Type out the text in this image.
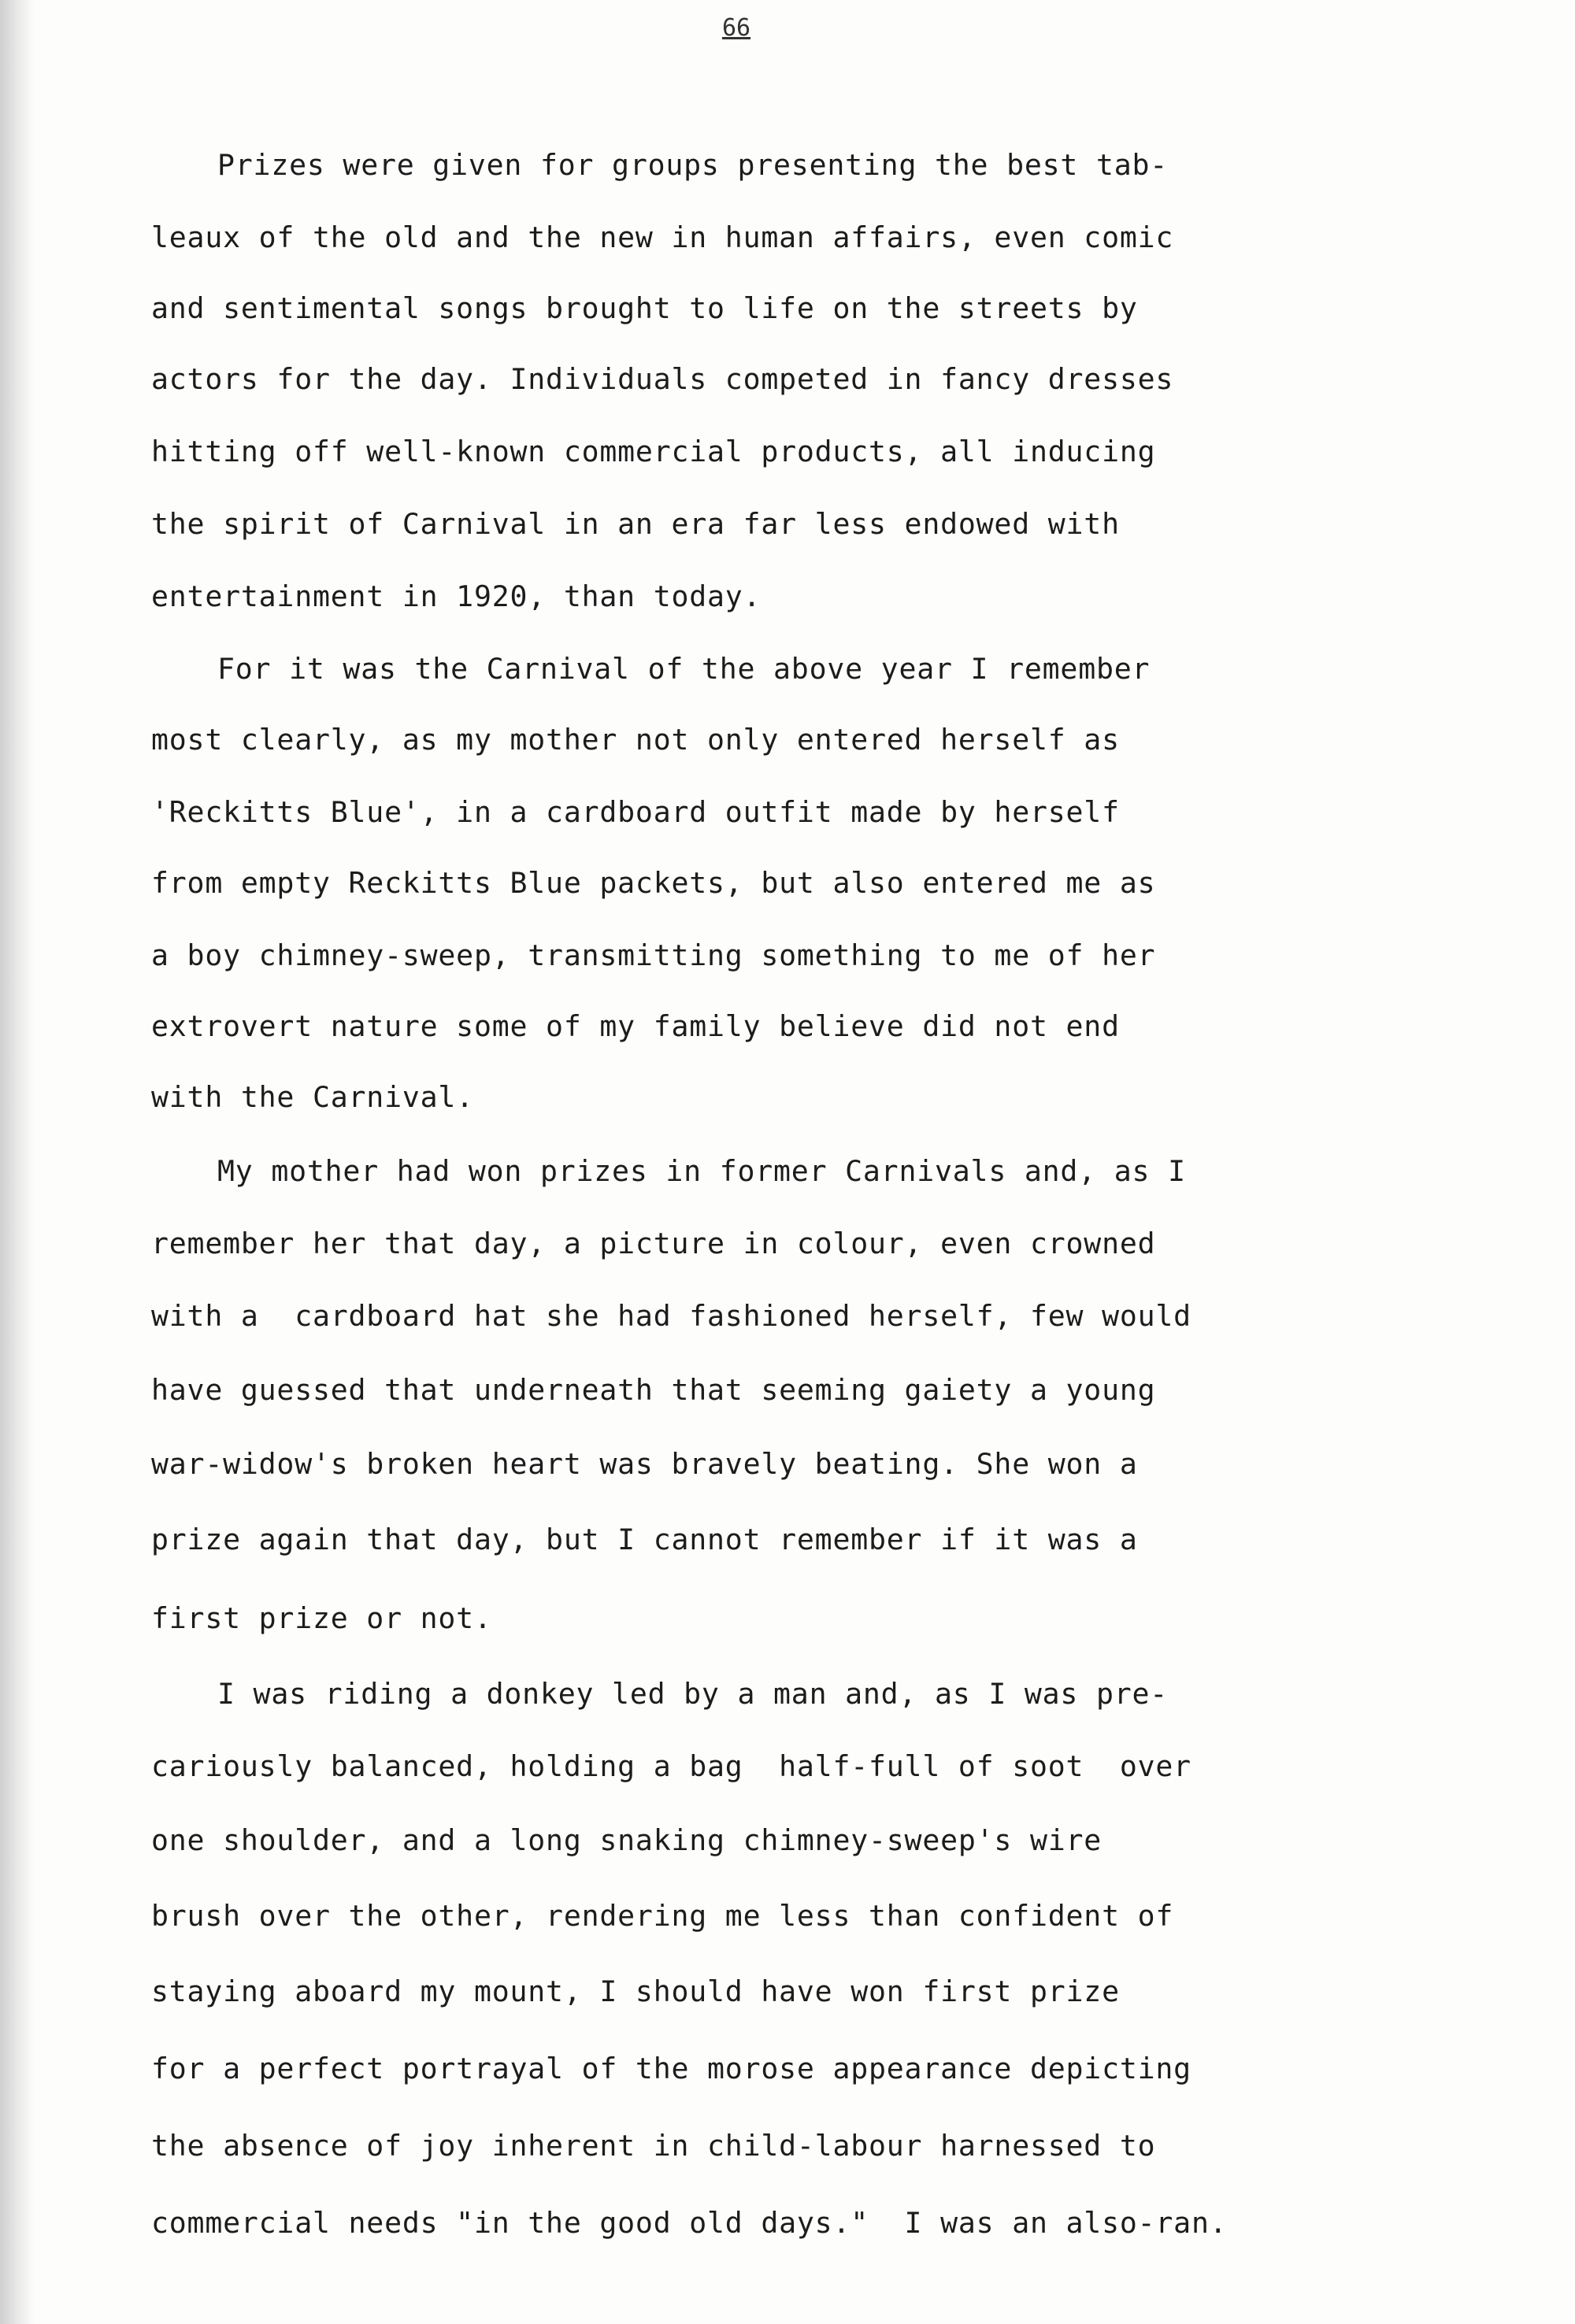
66
Prizes were given for groups presenting the best tab-
leaux of the old and the new in human affairs, even comic
and sentimental songs brought to life on the streets by
actors for the day. Individuals competed in fancy dresses
hitting off well-known commercial products, all inducing
the spirit of Carnival in an era far less endowed with
entertainment in 1920, than today.
For it was the Carnival of the above year I remember
most clearly, as my mother not only entered herself as
'Reckitts Blue', in a cardboard outfit made by herself
from empty Reckitts Blue packets, but also entered me as
a boy chimney-sweep, transmitting something to me of her
extrovert nature some of my family believe did not end
with the Carnival.
My mother had won prizes in former Carnivals and, as I
remember her that day, a picture in colour, even crowned
with a  cardboard hat she had fashioned herself, few would
have guessed that underneath that seeming gaiety a young
war-widow's broken heart was bravely beating. She won a
prize again that day, but I cannot remember if it was a
first prize or not.
I was riding a donkey led by a man and, as I was pre-
cariously balanced, holding a bag  half-full of soot  over
one shoulder, and a long snaking chimney-sweep's wire
brush over the other, rendering me less than confident of
staying aboard my mount, I should have won first prize
for a perfect portrayal of the morose appearance depicting
the absence of joy inherent in child-labour harnessed to
commercial needs "in the good old days."  I was an also-ran.
